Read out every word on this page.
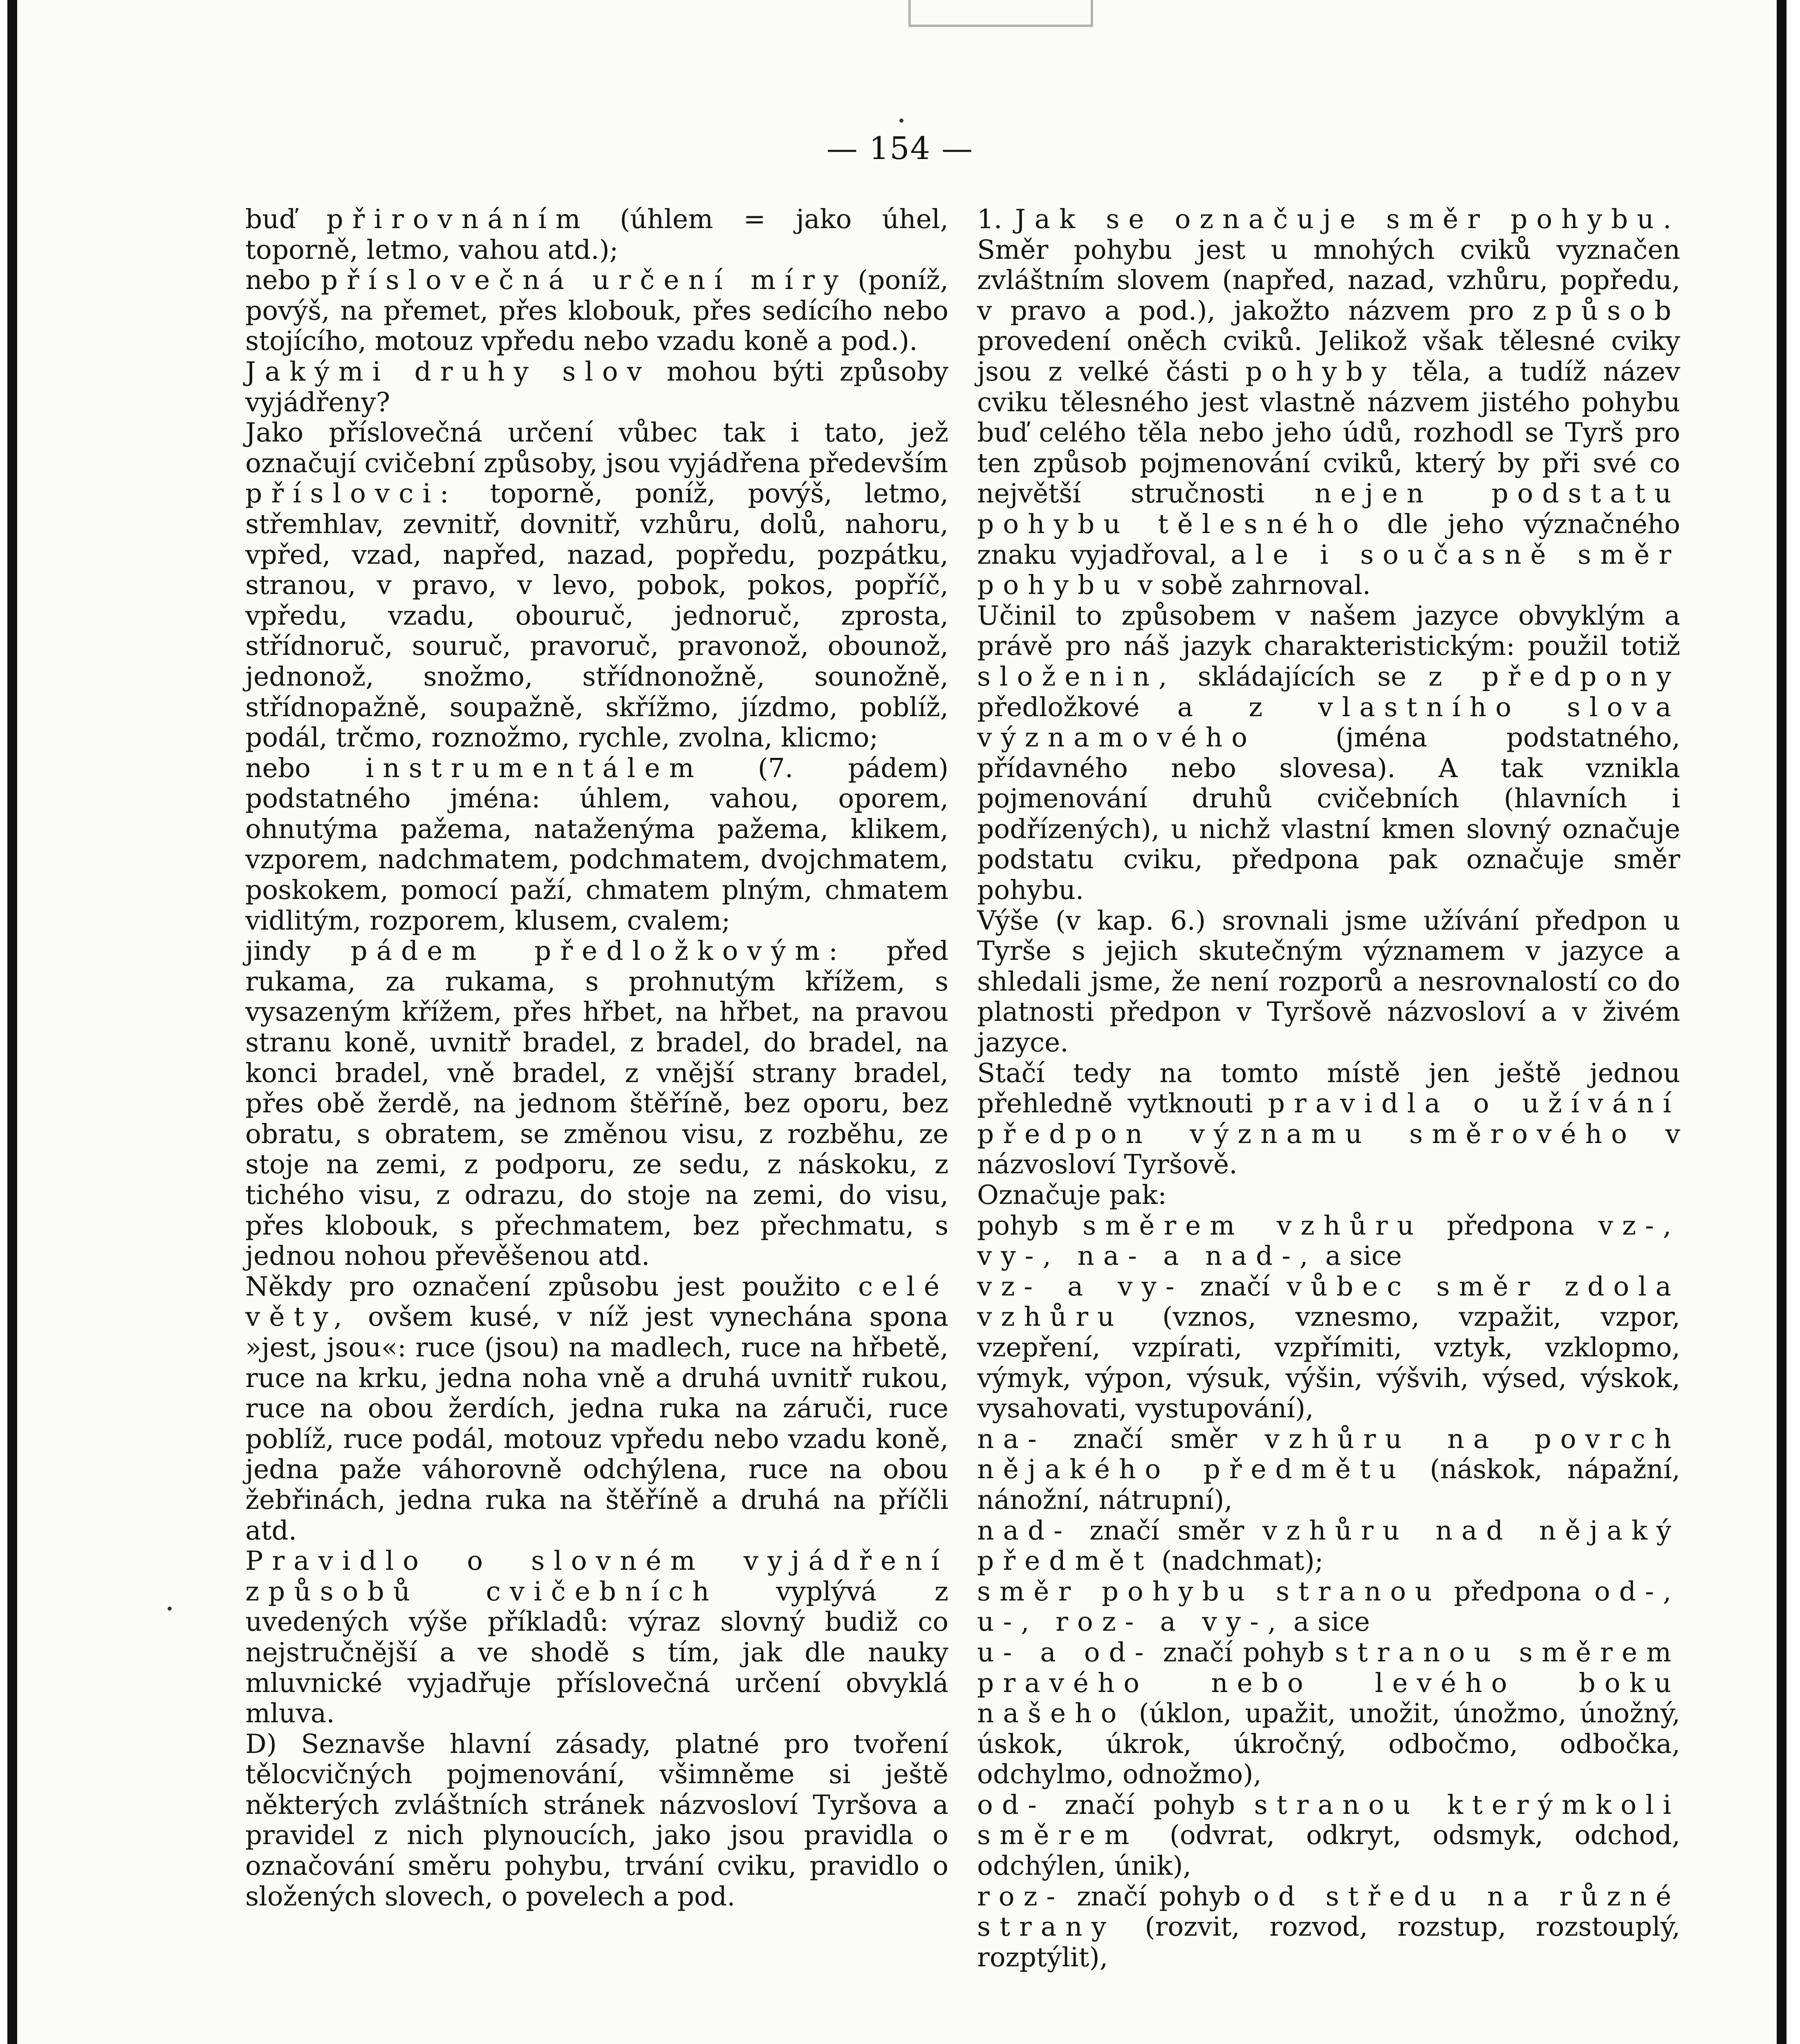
— 154 —

buď přirovnáním (úhlem = jako úhel, toporně, letmo, vahou atd.);

nebo příslovečná určení míry (poníž, povýš, na přemet, přes klobouk, přes sedícího nebo stojícího, motouz vpředu nebo vzadu koně a pod.).

Jakými druhy slov mohou býti způsoby vyjádřeny?

Jako příslovečná určení vůbec tak i tato, jež označují cvičební způsoby, jsou vyjádřena především

příslovci: toporně, poníž, povýš, letmo, střemhlav, zevnitř, dovnitř, vzhůru, dolů, nahoru, vpřed, vzad, napřed, nazad, popředu, pozpátku, stranou, v pravo, v levo, pobok, pokos, popříč, vpředu, vzadu, obouruč, jednoruč, zprosta, střídnoruč, souruč, pravoruč, pravonož, obounož, jednonož, snožmo, střídnonožně, sounožně, střídnopažně, soupažně, skřížmo, jízdmo, poblíž, podál, trčmo, roznožmo, rychle, zvolna, klicmo;

nebo instrumentálem (7. pádem) podstatného jména: úhlem, vahou, oporem, ohnutýma pažema, nataženýma pažema, klikem, vzporem, nadchmatem, podchmatem, dvojchmatem, poskokem, pomocí paží, chmatem plným, chmatem vidlitým, rozporem, klusem, cvalem;

jindy pádem předložkovým: před rukama, za rukama, s prohnutým křížem, s vysazeným křížem, přes hřbet, na hřbet, na pravou stranu koně, uvnitř bradel, z bradel, do bradel, na konci bradel, vně bradel, z vnější strany bradel, přes obě žerdě, na jednom štěříně, bez oporu, bez obratu, s obratem, se změnou visu, z rozběhu, ze stoje na zemi, z podporu, ze sedu, z náskoku, z tichého visu, z odrazu, do stoje na zemi, do visu, přes klobouk, s přechmatem, bez přechmatu, s jednou nohou převěšenou atd.

Někdy pro označení způsobu jest použito celé věty, ovšem kusé, v níž jest vynechána spona »jest, jsou«: ruce (jsou) na madlech, ruce na hřbetě, ruce na krku, jedna noha vně a druhá uvnitř rukou, ruce na obou žerdích, jedna ruka na záruči, ruce poblíž, ruce podál, motouz vpředu nebo vzadu koně, jedna paže váhorovně odchýlena, ruce na obou žebřinách, jedna ruka na štěříně a druhá na příčli atd.

Pravidlo o slovném vyjádření způsobů cvičebních vyplývá z uvedených výše příkladů: výraz slovný budiž co nejstručnější a ve shodě s tím, jak dle nauky mluvnické vyjadřuje příslovečná určení obvyklá mluva.

D) Seznavše hlavní zásady, platné pro tvoření tělocvičných pojmenování, všimněme si ještě některých zvláštních stránek názvosloví Tyršova a pravidel z nich plynoucích, jako jsou pravidla o označování směru pohybu, trvání cviku, pravidlo o složených slovech, o povelech a pod.

1. Jak se označuje směr pohybu. Směr pohybu jest u mnohých cviků vyznačen zvláštním slovem (napřed, nazad, vzhůru, popředu, v pravo a pod.), jakožto názvem pro způsob provedení oněch cviků. Jelikož však tělesné cviky jsou z velké části pohyby těla, a tudíž název cviku tělesného jest vlastně názvem jistého pohybu buď celého těla nebo jeho údů, rozhodl se Tyrš pro ten způsob pojmenování cviků, který by při své co největší stručnosti nejen podstatu pohybu tělesného dle jeho význačného znaku vyjadřoval, ale i současně směr pohybu v sobě zahrnoval.

Učinil to způsobem v našem jazyce obvyklým a právě pro náš jazyk charakteristickým: použil totiž složenin, skládajících se z předpony předložkové a z vlastního slova významového (jména podstatného, přídavného nebo slovesa). A tak vznikla pojmenování druhů cvičebních (hlavních i podřízených), u nichž vlastní kmen slovný označuje podstatu cviku, předpona pak označuje směr pohybu.

Výše (v kap. 6.) srovnali jsme užívání předpon u Tyrše s jejich skutečným významem v jazyce a shledali jsme, že není rozporů a nesrovnalostí co do platnosti předpon v Tyršově názvosloví a v živém jazyce.

Stačí tedy na tomto místě jen ještě jednou přehledně vytknouti pravidla o užívání předpon významu směrového v názvosloví Tyršově.

Označuje pak:

pohyb směrem vzhůru předpona vz-, vy-, na- a nad-, a sice

vz- a vy- značí vůbec směr zdola vzhůru (vznos, vznesmo, vzpažit, vzpor, vzepření, vzpírati, vzpřímiti, vztyk, vzklopmo, výmyk, výpon, výsuk, výšin, výšvih, výsed, výskok, vysahovati, vystupování),

na- značí směr vzhůru na povrch nějakého předmětu (náskok, nápažní, nánožní, nátrupní),

nad- značí směr vzhůru nad nějaký předmět (nadchmat);

směr pohybu stranou předpona od-, u-, roz- a vy-, a sice

u- a od- značí pohyb stranou směrem pravého nebo levého boku našeho (úklon, upažit, unožit, únožmo, únožný, úskok, úkrok, úkročný, odbočmo, odbočka, odchylmo, odnožmo),

od- značí pohyb stranou kterýmkoli směrem (odvrat, odkryt, odsmyk, odchod, odchýlen, únik),

roz- značí pohyb od středu na různé strany (rozvit, rozvod, rozstup, rozstouplý, rozptýlit),
